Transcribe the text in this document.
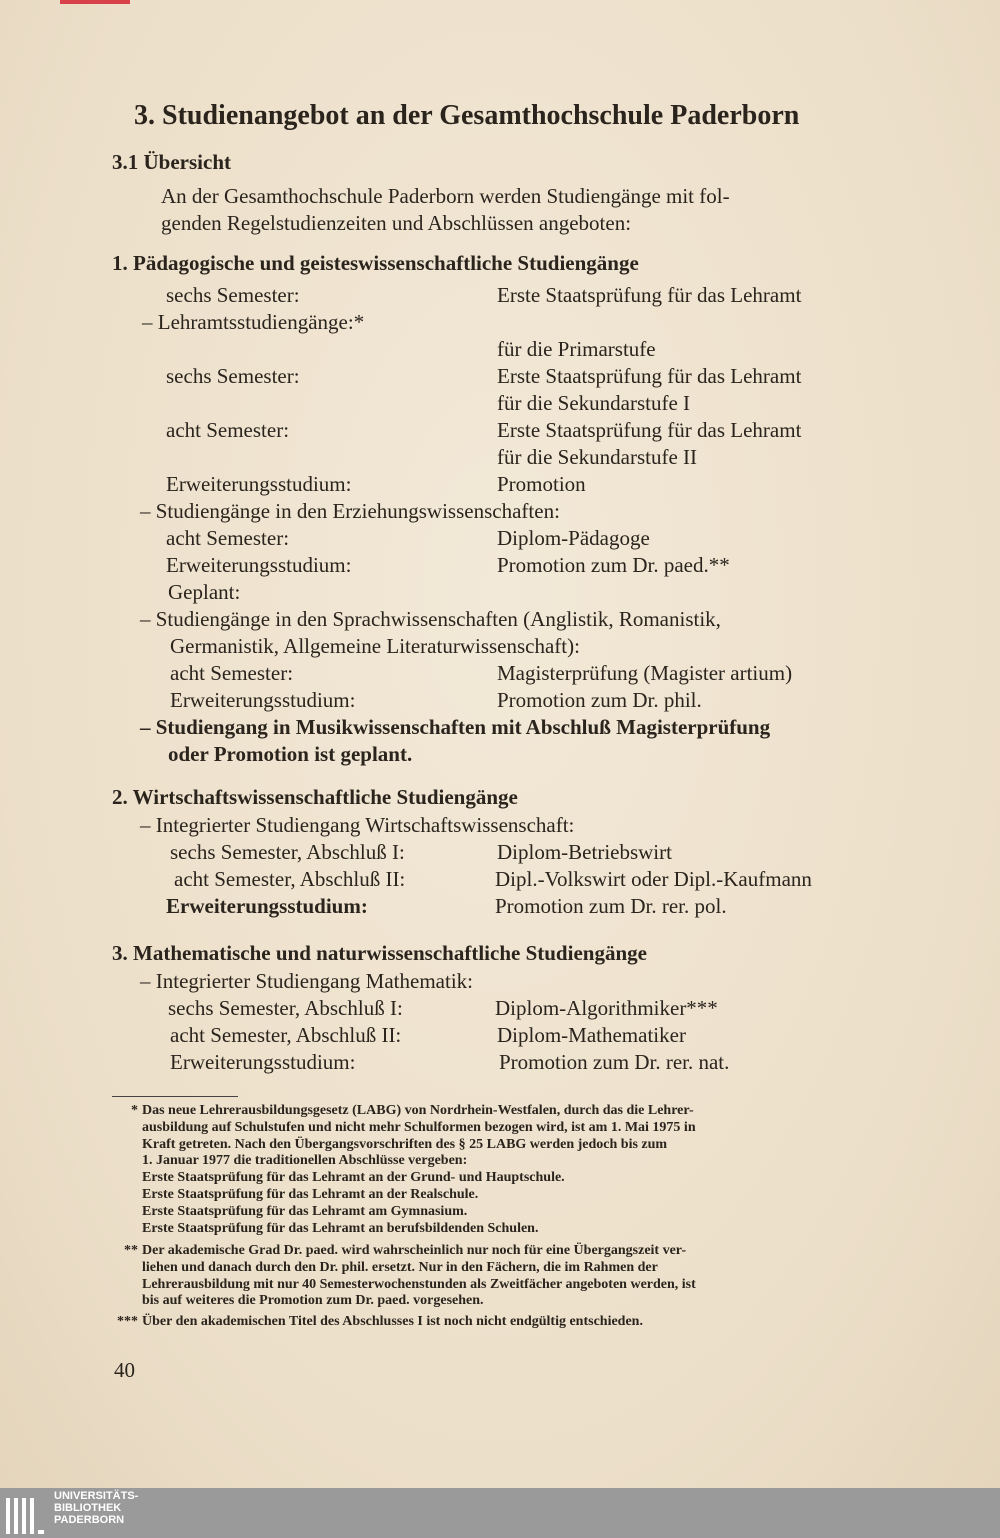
3. Studienangebot an der Gesamthochschule Paderborn
3.1 Übersicht
An der Gesamthochschule Paderborn werden Studiengänge mit fol-
genden Regelstudienzeiten und Abschlüssen angeboten:
1. Pädagogische und geisteswissenschaftliche Studiengänge
sechs Semester:	Erste Staatsprüfung für das Lehramt
– Lehramtsstudiengänge:*
für die Primarstufe
sechs Semester:	Erste Staatsprüfung für das Lehramt
für die Sekundarstufe I
acht Semester:	Erste Staatsprüfung für das Lehramt
für die Sekundarstufe II
Erweiterungsstudium:	Promotion
– Studiengänge in den Erziehungswissenschaften:
acht Semester:	Diplom-Pädagoge
Erweiterungsstudium:	Promotion zum Dr. paed.**
Geplant:
– Studiengänge in den Sprachwissenschaften (Anglistik, Romanistik,
Germanistik, Allgemeine Literaturwissenschaft):
acht Semester:	Magisterprüfung (Magister artium)
Erweiterungsstudium:	Promotion zum Dr. phil.
– Studiengang in Musikwissenschaften mit Abschluß Magisterprüfung
oder Promotion ist geplant.
2. Wirtschaftswissenschaftliche Studiengänge
– Integrierter Studiengang Wirtschaftswissenschaft:
sechs Semester, Abschluß I:	Diplom-Betriebswirt
acht Semester, Abschluß II:	Dipl.-Volkswirt oder Dipl.-Kaufmann
Erweiterungsstudium:	Promotion zum Dr. rer. pol.
3. Mathematische und naturwissenschaftliche Studiengänge
– Integrierter Studiengang Mathematik:
sechs Semester, Abschluß I:	Diplom-Algorithmiker***
acht Semester, Abschluß II:	Diplom-Mathematiker
Erweiterungsstudium:	Promotion zum Dr. rer. nat.
* Das neue Lehrerausbildungsgesetz (LABG) von Nordrhein-Westfalen, durch das die Lehrer-
ausbildung auf Schulstufen und nicht mehr Schulformen bezogen wird, ist am 1. Mai 1975 in
Kraft getreten. Nach den Übergangsvorschriften des § 25 LABG werden jedoch bis zum
1. Januar 1977 die traditionellen Abschlüsse vergeben:
Erste Staatsprüfung für das Lehramt an der Grund- und Hauptschule.
Erste Staatsprüfung für das Lehramt an der Realschule.
Erste Staatsprüfung für das Lehramt am Gymnasium.
Erste Staatsprüfung für das Lehramt an berufsbildenden Schulen.
** Der akademische Grad Dr. paed. wird wahrscheinlich nur noch für eine Übergangszeit ver-
liehen und danach durch den Dr. phil. ersetzt. Nur in den Fächern, die im Rahmen der
Lehrerausbildung mit nur 40 Semesterwochenstunden als Zweitfächer angeboten werden, ist
bis auf weiteres die Promotion zum Dr. paed. vorgesehen.
*** Über den akademischen Titel des Abschlusses I ist noch nicht endgültig entschieden.
40
UNIVERSITÄTS-
BIBLIOTHEK
PADERBORN
